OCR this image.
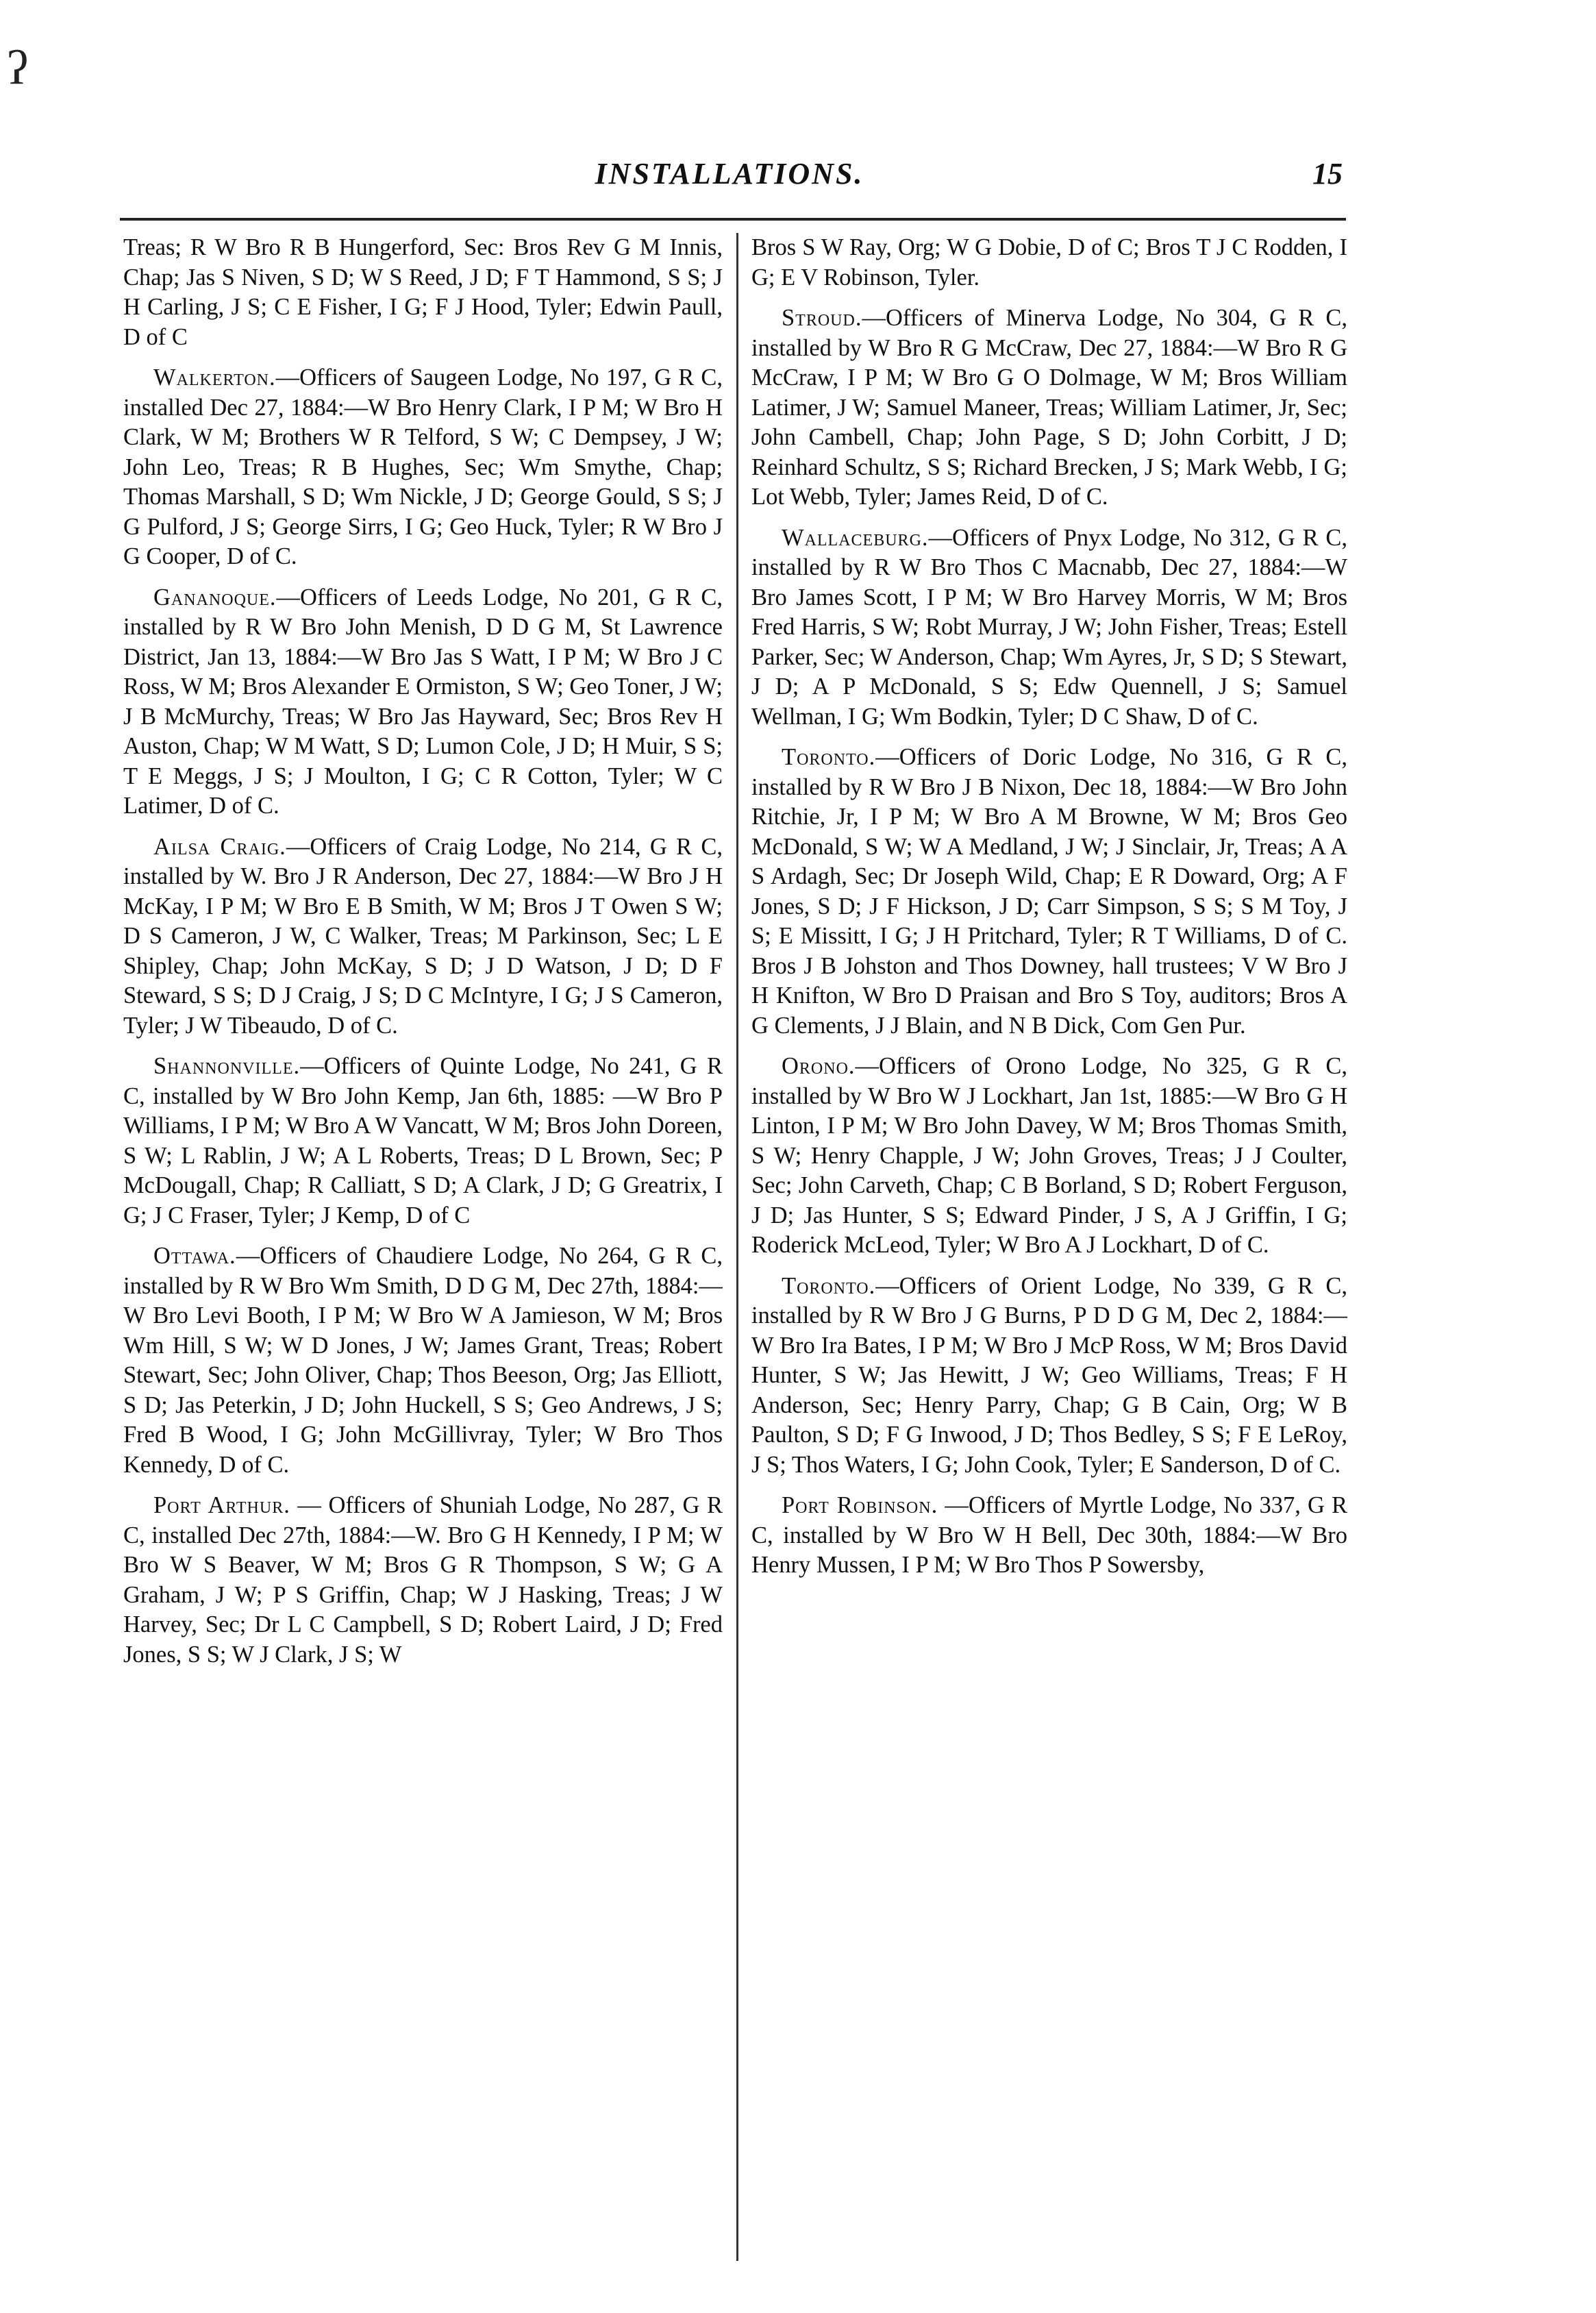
ʔ
INSTALLATIONS.	15

Treas; R W Bro R B Hungerford, Sec: Bros Rev G M Innis, Chap; Jas S Niven, S D; W S Reed, J D; F T Hammond, S S; J H Carling, J S; C E Fisher, I G; F J Hood, Tyler; Edwin Paull, D of C

Walkerton.—Officers of Saugeen Lodge, No 197, G R C, installed Dec 27, 1884:—W Bro Henry Clark, I P M; W Bro H Clark, W M; Brothers W R Telford, S W; C Dempsey, J W; John Leo, Treas; R B Hughes, Sec; Wm Smythe, Chap; Thomas Marshall, S D; Wm Nickle, J D; George Gould, S S; J G Pulford, J S; George Sirrs, I G; Geo Huck, Tyler; R W Bro J G Cooper, D of C.

Gananoque.—Officers of Leeds Lodge, No 201, G R C, installed by R W Bro John Menish, D D G M, St Lawrence District, Jan 13, 1884:—W Bro Jas S Watt, I P M; W Bro J C Ross, W M; Bros Alexander E Ormiston, S W; Geo Toner, J W; J B McMurchy, Treas; W Bro Jas Hayward, Sec; Bros Rev H Auston, Chap; W M Watt, S D; Lumon Cole, J D; H Muir, S S; T E Meggs, J S; J Moulton, I G; C R Cotton, Tyler; W C Latimer, D of C.

Ailsa Craig.—Officers of Craig Lodge, No 214, G R C, installed by W. Bro J R Anderson, Dec 27, 1884:—W Bro J H McKay, I P M; W Bro E B Smith, W M; Bros J T Owen S W; D S Cameron, J W, C Walker, Treas; M Parkinson, Sec; L E Shipley, Chap; John McKay, S D; J D Watson, J D; D F Steward, S S; D J Craig, J S; D C McIntyre, I G; J S Cameron, Tyler; J W Tibeaudo, D of C.

Shannonville.—Officers of Quinte Lodge, No 241, G R C, installed by W Bro John Kemp, Jan 6th, 1885: —W Bro P Williams, I P M; W Bro A W Vancatt, W M; Bros John Doreen, S W; L Rablin, J W; A L Roberts, Treas; D L Brown, Sec; P McDougall, Chap; R Calliatt, S D; A Clark, J D; G Greatrix, I G; J C Fraser, Tyler; J Kemp, D of C

Ottawa.—Officers of Chaudiere Lodge, No 264, G R C, installed by R W Bro Wm Smith, D D G M, Dec 27th, 1884:—W Bro Levi Booth, I P M; W Bro W A Jamieson, W M; Bros Wm Hill, S W; W D Jones, J W; James Grant, Treas; Robert Stewart, Sec; John Oliver, Chap; Thos Beeson, Org; Jas Elliott, S D; Jas Peterkin, J D; John Huckell, S S; Geo Andrews, J S; Fred B Wood, I G; John McGillivray, Tyler; W Bro Thos Kennedy, D of C.

Port Arthur. — Officers of Shuniah Lodge, No 287, G R C, installed Dec 27th, 1884:—W. Bro G H Kennedy, I P M; W Bro W S Beaver, W M; Bros G R Thompson, S W; G A Graham, J W; P S Griffin, Chap; W J Hasking, Treas; J W Harvey, Sec; Dr L C Campbell, S D; Robert Laird, J D; Fred Jones, S S; W J Clark, J S; W

Bros S W Ray, Org; W G Dobie, D of C; Bros T J C Rodden, I G; E V Robinson, Tyler.

Stroud.—Officers of Minerva Lodge, No 304, G R C, installed by W Bro R G McCraw, Dec 27, 1884:—W Bro R G McCraw, I P M; W Bro G O Dolmage, W M; Bros William Latimer, J W; Samuel Maneer, Treas; William Latimer, Jr, Sec; John Cambell, Chap; John Page, S D; John Corbitt, J D; Reinhard Schultz, S S; Richard Brecken, J S; Mark Webb, I G; Lot Webb, Tyler; James Reid, D of C.

Wallaceburg.—Officers of Pnyx Lodge, No 312, G R C, installed by R W Bro Thos C Macnabb, Dec 27, 1884:—W Bro James Scott, I P M; W Bro Harvey Morris, W M; Bros Fred Harris, S W; Robt Murray, J W; John Fisher, Treas; Estell Parker, Sec; W Anderson, Chap; Wm Ayres, Jr, S D; S Stewart, J D; A P McDonald, S S; Edw Quennell, J S; Samuel Wellman, I G; Wm Bodkin, Tyler; D C Shaw, D of C.

Toronto.—Officers of Doric Lodge, No 316, G R C, installed by R W Bro J B Nixon, Dec 18, 1884:—W Bro John Ritchie, Jr, I P M; W Bro A M Browne, W M; Bros Geo McDonald, S W; W A Medland, J W; J Sinclair, Jr, Treas; A A S Ardagh, Sec; Dr Joseph Wild, Chap; E R Doward, Org; A F Jones, S D; J F Hickson, J D; Carr Simpson, S S; S M Toy, J S; E Missitt, I G; J H Pritchard, Tyler; R T Williams, D of C. Bros J B Johston and Thos Downey, hall trustees; V W Bro J H Knifton, W Bro D Praisan and Bro S Toy, auditors; Bros A G Clements, J J Blain, and N B Dick, Com Gen Pur.

Orono.—Officers of Orono Lodge, No 325, G R C, installed by W Bro W J Lockhart, Jan 1st, 1885:—W Bro G H Linton, I P M; W Bro John Davey, W M; Bros Thomas Smith, S W; Henry Chapple, J W; John Groves, Treas; J J Coulter, Sec; John Carveth, Chap; C B Borland, S D; Robert Ferguson, J D; Jas Hunter, S S; Edward Pinder, J S, A J Griffin, I G; Roderick McLeod, Tyler; W Bro A J Lockhart, D of C.

Toronto.—Officers of Orient Lodge, No 339, G R C, installed by R W Bro J G Burns, P D D G M, Dec 2, 1884:—W Bro Ira Bates, I P M; W Bro J McP Ross, W M; Bros David Hunter, S W; Jas Hewitt, J W; Geo Williams, Treas; F H Anderson, Sec; Henry Parry, Chap; G B Cain, Org; W B Paulton, S D; F G Inwood, J D; Thos Bedley, S S; F E LeRoy, J S; Thos Waters, I G; John Cook, Tyler; E Sanderson, D of C.

Port Robinson. —Officers of Myrtle Lodge, No 337, G R C, installed by W Bro W H Bell, Dec 30th, 1884:—W Bro Henry Mussen, I P M; W Bro Thos P Sowersby,
